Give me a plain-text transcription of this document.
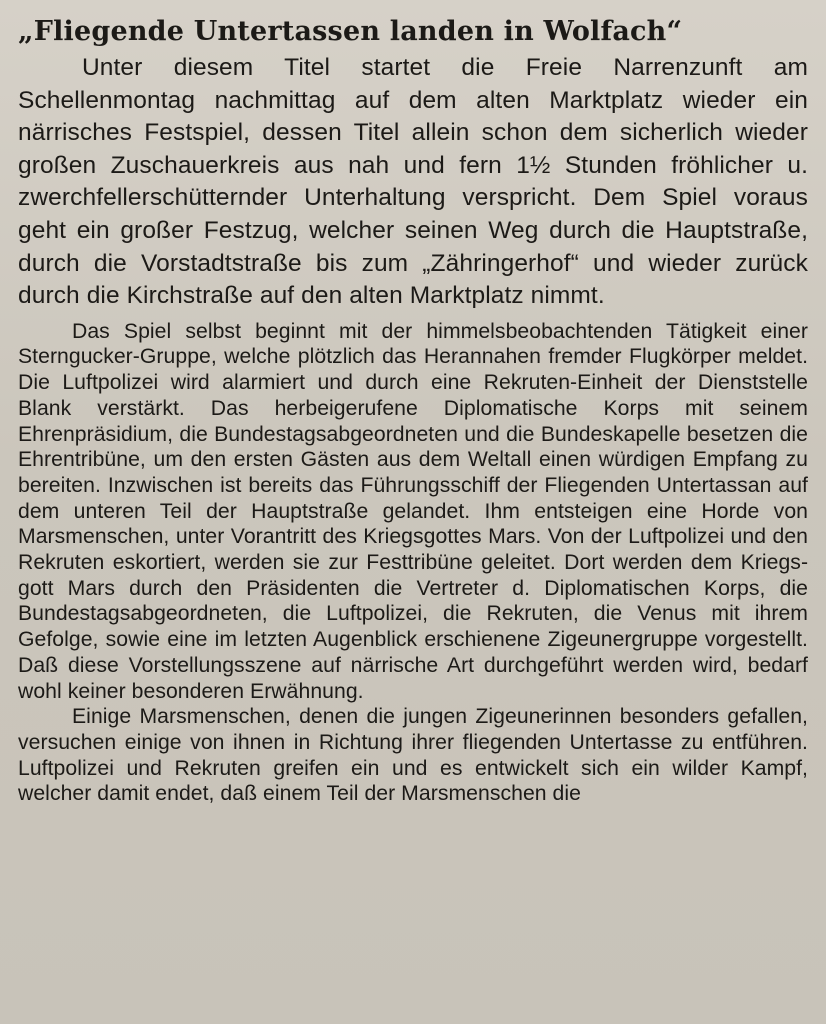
„Fliegende Untertassen landen in Wolfach“

Unter diesem Titel startet die Freie Narrenzunft am Schellenmontag nachmittag auf dem alten Marktplatz wieder ein närrisches Festspiel, dessen Titel allein schon dem sicherlich wieder großen Zuschauerkreis aus nah und fern 1½ Stunden fröhlicher u. zwerchfellerschütternder Unterhaltung verspricht. Dem Spiel voraus geht ein großer Festzug, welcher seinen Weg durch die Hauptstraße, durch die Vorstadtstraße bis zum „Zähringerhof“ und wieder zurück durch die Kirchstraße auf den alten Marktplatz nimmt.

Das Spiel selbst beginnt mit der himmelsbeobachtenden Tätigkeit einer Sterngucker-Gruppe, welche plötzlich das Herannahen fremder Flugkörper meldet. Die Luftpolizei wird alarmiert und durch eine Rekruten-Einheit der Dienststelle Blank verstärkt. Das herbeigerufene Diplomatische Korps mit seinem Ehrenpräsidium, die Bundestagsabgeordneten und die Bundeskapelle besetzen die Ehrentribüne, um den ersten Gästen aus dem Weltall einen würdigen Empfang zu bereiten. Inzwischen ist bereits das Führungsschiff der Fliegenden Untertassan auf dem unteren Teil der Hauptstraße gelandet. Ihm entsteigen eine Horde von Marsmenschen, unter Vorantritt des Kriegsgottes Mars. Von der Luftpolizei und den Rekruten eskortiert, werden sie zur Festtribüne geleitet. Dort werden dem Kriegsgott Mars durch den Präsidenten die Vertreter d. Diplomatischen Korps, die Bundestagsabgeordneten, die Luftpolizei, die Rekruten, die Venus mit ihrem Gefolge, sowie eine im letzten Augenblick erschienene Zigeunergruppe vorgestellt. Daß diese Vorstellungsszene auf närrische Art durchgeführt werden wird, bedarf wohl keiner besonderen Erwähnung.

Einige Marsmenschen, denen die jungen Zigeunerinnen besonders gefallen, versuchen einige von ihnen in Richtung ihrer fliegenden Untertasse zu entführen. Luftpolizei und Rekruten greifen ein und es entwickelt sich ein wilder Kampf, welcher damit endet, daß einem Teil der Marsmenschen die
